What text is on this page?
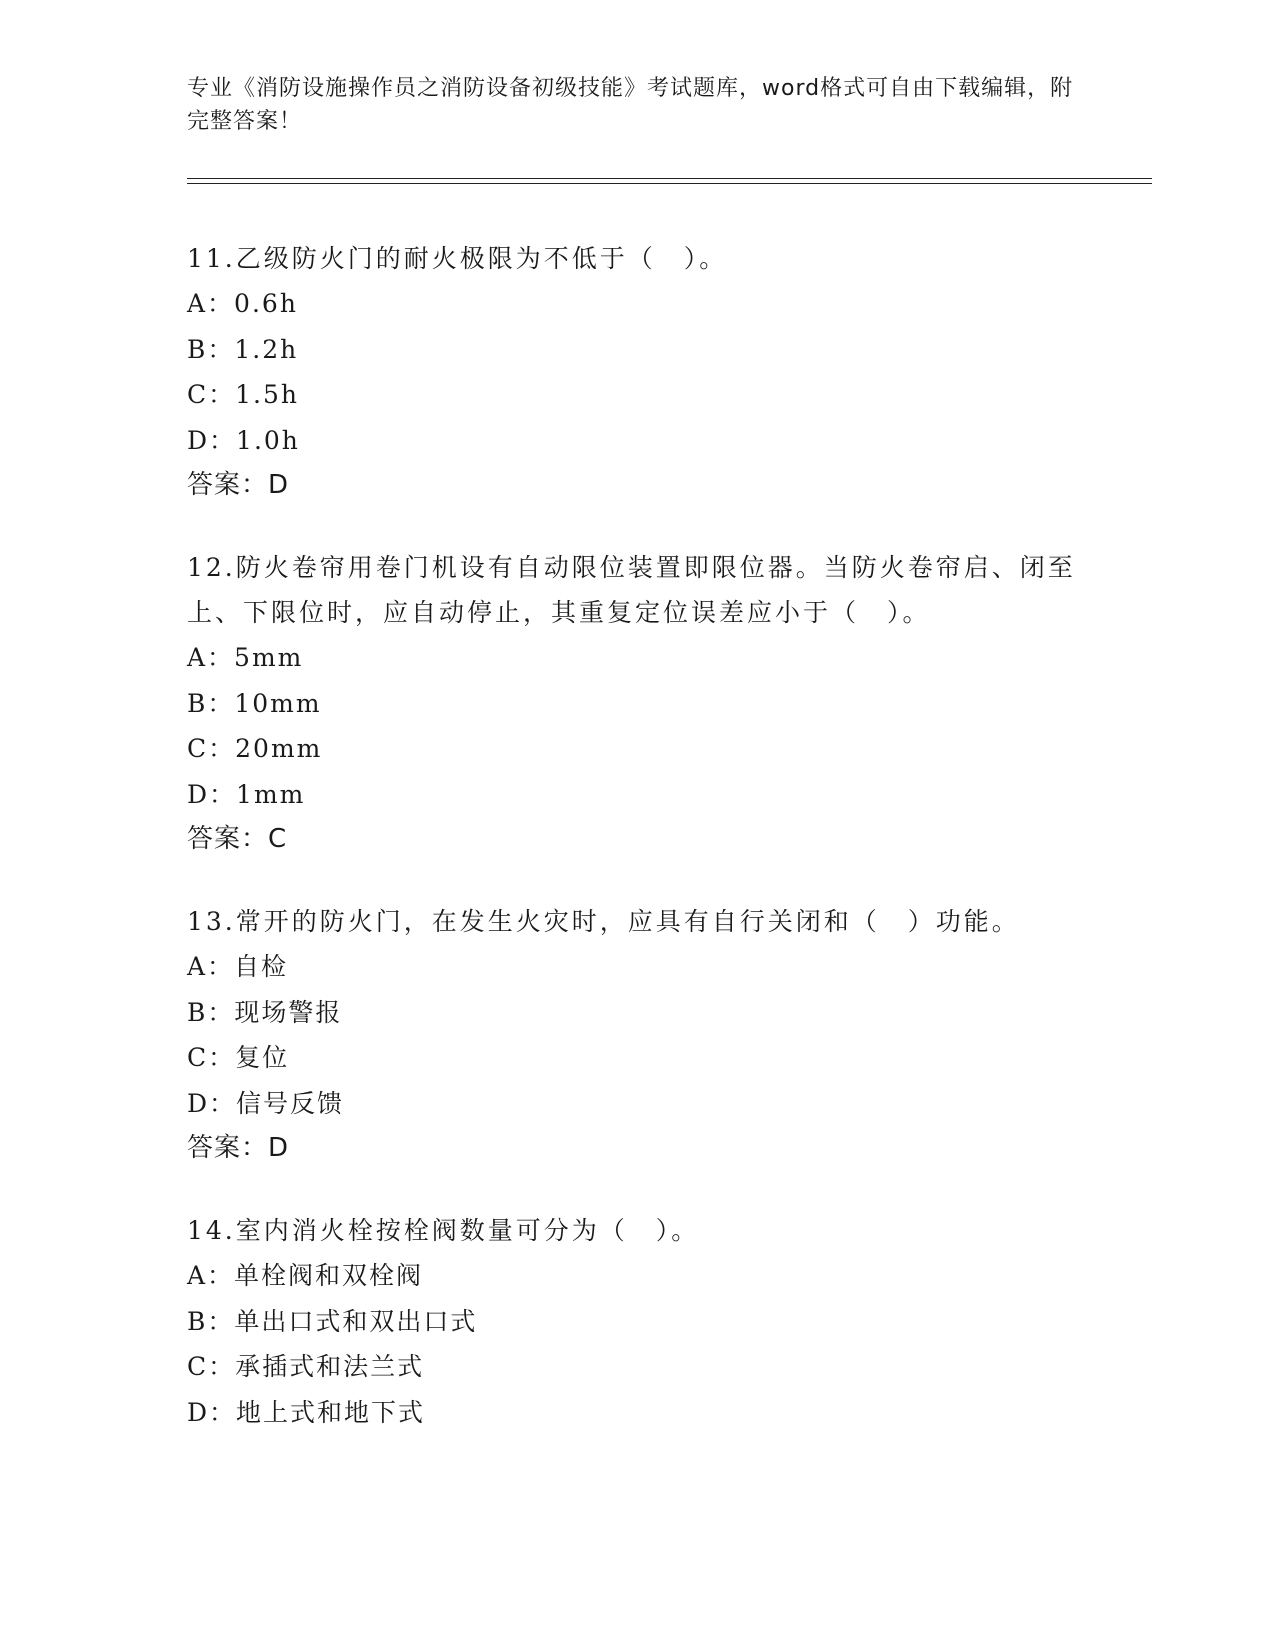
专业《消防设施操作员之消防设备初级技能》考试题库，word格式可自由下载编辑，附完整答案！

11.乙级防火门的耐火极限为不低于（　）。

A：0.6h

B：1.2h

C：1.5h

D：1.0h

答案：D

12.防火卷帘用卷门机设有自动限位装置即限位器。当防火卷帘启、闭至上、下限位时，应自动停止，其重复定位误差应小于（　）。

A：5mm

B：10mm

C：20mm

D：1mm

答案：C

13.常开的防火门，在发生火灾时，应具有自行关闭和（　）功能。

A：自检

B：现场警报

C：复位

D：信号反馈

答案：D

14.室内消火栓按栓阀数量可分为（　）。

A：单栓阀和双栓阀

B：单出口式和双出口式

C：承插式和法兰式

D：地上式和地下式
